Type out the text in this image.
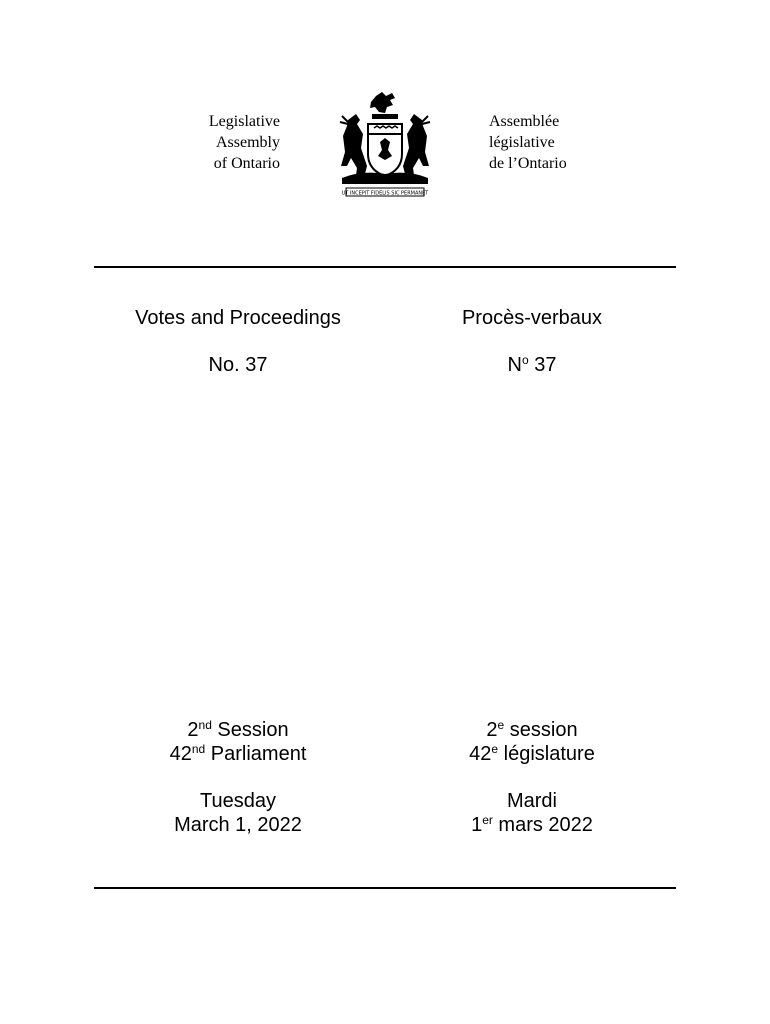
Legislative
Assembly
of Ontario
UT INCEPIT FIDELIS SIC PERMANET
Assemblée
législative
de l’Ontario
Votes and Proceedings	Procès-verbaux
No. 37	$N^o$ 37
2nd Session
42nd Parliament
2e session
42e législature
Tuesday
March 1, 2022
Mardi
1er mars 2022
